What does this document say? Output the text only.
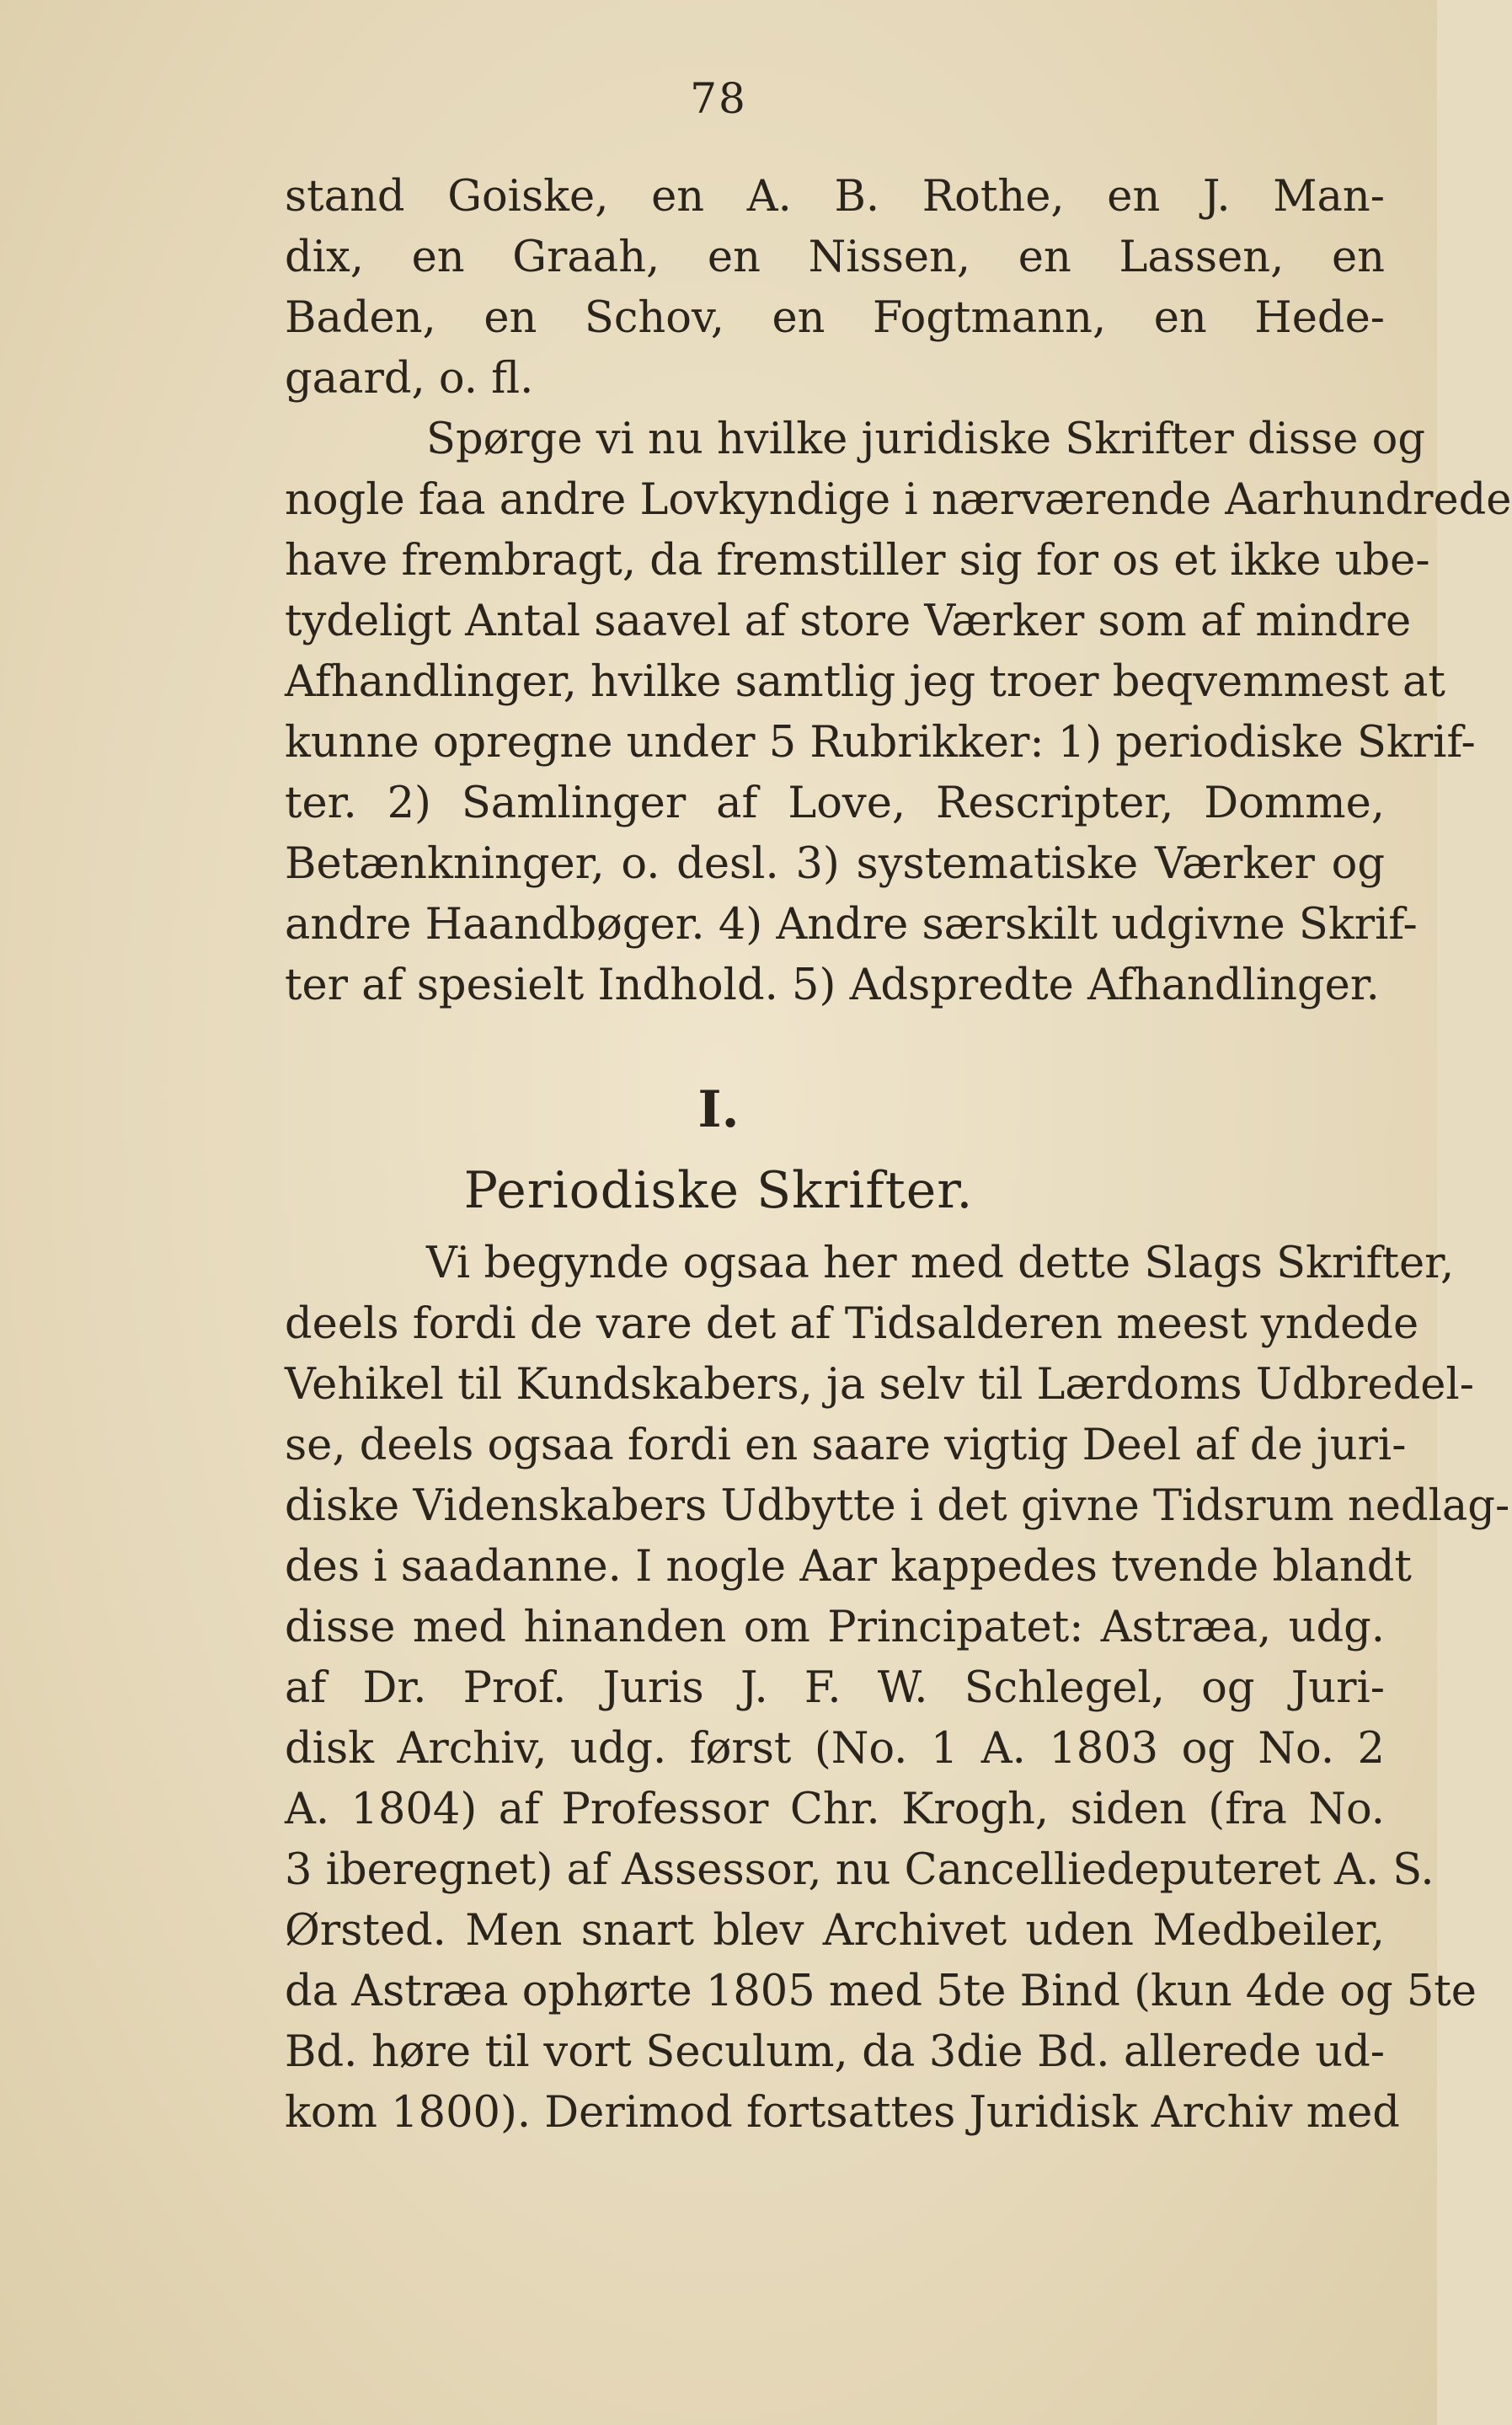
78
stand Goiske, en A. B. Rothe, en J. Man-
dix, en Graah, en Nissen, en Lassen, en
Baden, en Schov, en Fogtmann, en Hede-
gaard, o. fl.
Spørge vi nu hvilke juridiske Skrifter disse og
nogle faa andre Lovkyndige i nærværende Aarhundrede
have frembragt, da fremstiller sig for os et ikke ube-
tydeligt Antal saavel af store Værker som af mindre
Afhandlinger, hvilke samtlig jeg troer beqvemmest at
kunne opregne under 5 Rubrikker: 1) periodiske Skrif-
ter. 2) Samlinger af Love, Rescripter, Domme,
Betænkninger, o. desl. 3) systematiske Værker og
andre Haandbøger. 4) Andre særskilt udgivne Skrif-
ter af spesielt Indhold. 5) Adspredte Afhandlinger.
I.
Periodiske Skrifter.
Vi begynde ogsaa her med dette Slags Skrifter,
deels fordi de vare det af Tidsalderen meest yndede
Vehikel til Kundskabers, ja selv til Lærdoms Udbredel-
se, deels ogsaa fordi en saare vigtig Deel af de juri-
diske Videnskabers Udbytte i det givne Tidsrum nedlag-
des i saadanne. I nogle Aar kappedes tvende blandt
disse med hinanden om Principatet: Astræa, udg.
af Dr. Prof. Juris J. F. W. Schlegel, og Juri-
disk Archiv, udg. først (No. 1 A. 1803 og No. 2
A. 1804) af Professor Chr. Krogh, siden (fra No.
3 iberegnet) af Assessor, nu Cancelliedeputeret A. S.
Ørsted. Men snart blev Archivet uden Medbeiler,
da Astræa ophørte 1805 med 5te Bind (kun 4de og 5te
Bd. høre til vort Seculum, da 3die Bd. allerede ud-
kom 1800). Derimod fortsattes Juridisk Archiv med
